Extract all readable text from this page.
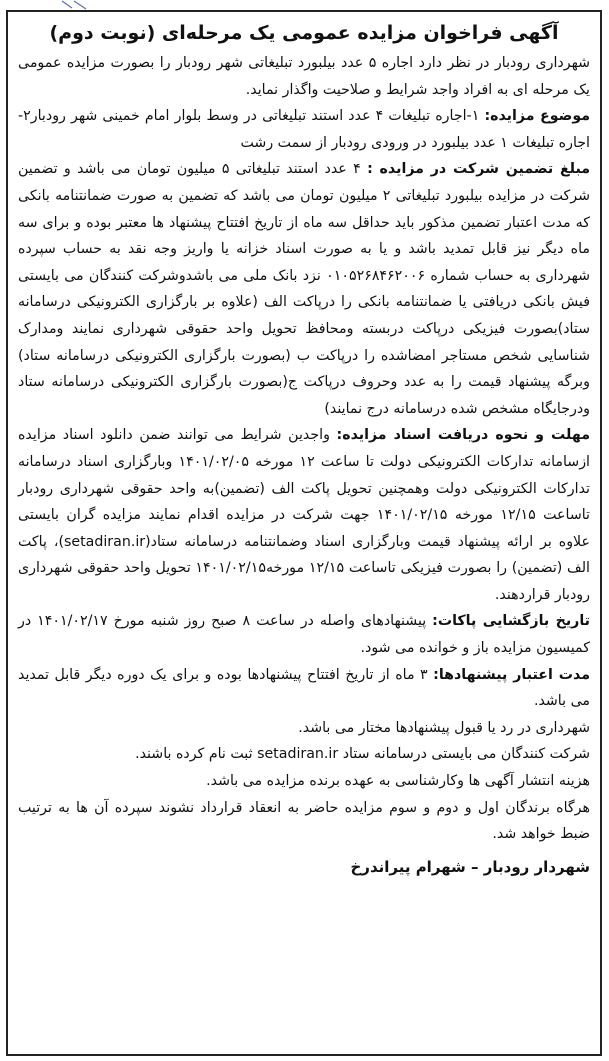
آگهی فراخوان مزایده عمومی یک مرحله‌ای (نوبت دوم)

شهرداری رودبار در نظر دارد اجاره ۵ عدد بیلبورد تبلیغاتی شهر رودبار را بصورت مزایده عمومی یک مرحله ای به افراد واجد شرایط و صلاحیت واگذار نماید.

موضوع مزایده: ۱-اجاره تبلیغات ۴ عدد استند تبلیغاتی در وسط بلوار امام خمینی شهر رودبار۲-اجاره تبلیغات ۱ عدد بیلبورد در ورودی رودبار از سمت رشت

مبلغ تضمین شرکت در مزایده : ۴ عدد استند تبلیغاتی ۵ میلیون تومان می باشد و تضمین شرکت در مزایده بیلبورد تبلیغاتی ۲ میلیون تومان می باشد که تضمین به صورت ضمانتنامه بانکی که مدت اعتبار تضمین مذکور باید حداقل سه ماه از تاریخ افتتاح پیشنهاد ها معتبر بوده و برای سه ماه دیگر نیز قابل تمدید باشد و یا به صورت اسناد خزانه یا واریز وجه نقد به حساب سپرده شهرداری به حساب شماره ۰۱۰۵۲۶۸۴۶۲۰۰۶ نزد بانک ملی می باشدوشرکت کنندگان می بایستی فیش بانکی دریافتی یا ضمانتنامه بانکی را درپاکت الف (علاوه بر بارگزاری الکترونیکی درسامانه ستاد)بصورت فیزیکی درپاکت دربسته ومحافظ تحویل واحد حقوقی شهرداری نمایند ومدارک شناسایی شخص مستاجر امضاشده را درپاکت ب (بصورت بارگزاری الکترونیکی درسامانه ستاد) وبرگه پیشنهاد قیمت را به عدد وحروف درپاکت ج(بصورت بارگزاری الکترونیکی درسامانه ستاد ودرجایگاه مشخص شده درسامانه درج نمایند)

مهلت و نحوه دریافت اسناد مزایده: واجدین شرایط می توانند ضمن دانلود اسناد مزایده ازسامانه تدارکات الکترونیکی دولت تا ساعت ۱۲ مورخه ۱۴۰۱/۰۲/۰۵ وبارگزاری اسناد درسامانه تدارکات الکترونیکی دولت وهمچنین تحویل پاکت الف (تضمین)به واحد حقوقی شهرداری رودبار تاساعت ۱۲/۱۵ مورخه ۱۴۰۱/۰۲/۱۵ جهت شرکت در مزایده اقدام نمایند مزایده گران بایستی علاوه بر ارائه پیشنهاد قیمت وبارگزاری اسناد وضمانتنامه درسامانه ستاد(setadiran.ir)، پاکت الف (تضمین) را بصورت فیزیکی تاساعت ۱۲/۱۵ مورخه۱۴۰۱/۰۲/۱۵ تحویل واحد حقوقی شهرداری رودبار قراردهند.

تاریخ بازگشایی پاکات: پیشنهادهای واصله در ساعت ۸ صبح روز شنبه مورخ ۱۴۰۱/۰۲/۱۷ در کمیسیون مزایده باز و خوانده می شود.

مدت اعتبار پیشنهادها: ۳ ماه از تاریخ افتتاح پیشنهادها بوده و برای یک دوره دیگر قابل تمدید می باشد.

شهرداری در رد یا قبول پیشنهادها مختار می باشد.

شرکت کنندگان می بایستی درسامانه ستاد setadiran.ir ثبت نام کرده باشند.

هزینه انتشار آگهی ها وکارشناسی به عهده برنده مزایده می باشد.

هرگاه برندگان اول و دوم و سوم مزایده حاضر به انعقاد قرارداد نشوند سپرده آن ها به ترتیب ضبط خواهد شد.

شهردار رودبار – شهرام پیراندرخ
